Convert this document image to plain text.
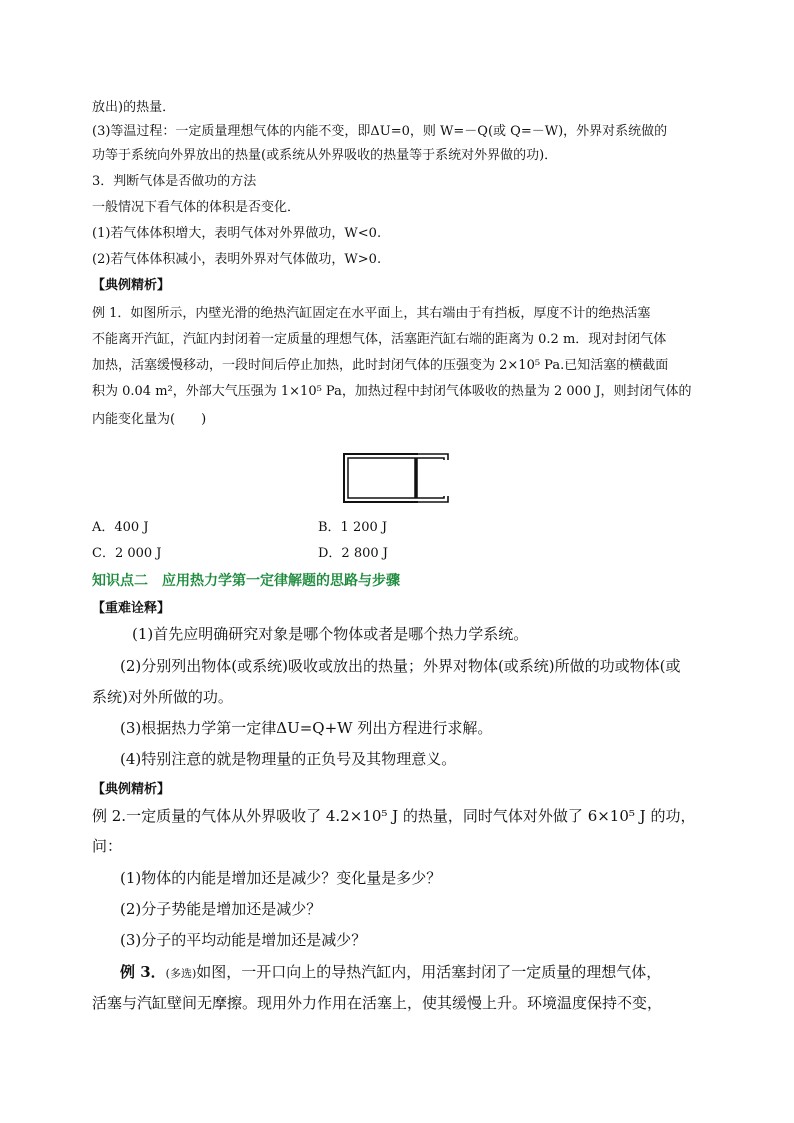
放出)的热量．
(3)等温过程：一定质量理想气体的内能不变，即ΔU=0，则 W=－Q(或 Q=－W)，外界对系统做的
功等于系统向外界放出的热量(或系统从外界吸收的热量等于系统对外界做的功)．
3．判断气体是否做功的方法
一般情况下看气体的体积是否变化．
(1)若气体体积增大，表明气体对外界做功，W<0.
(2)若气体体积减小，表明外界对气体做功，W>0.
【典例精析】
例 1．如图所示，内壁光滑的绝热汽缸固定在水平面上，其右端由于有挡板，厚度不计的绝热活塞
不能离开汽缸，汽缸内封闭着一定质量的理想气体，活塞距汽缸右端的距离为 0.2 m．现对封闭气体
加热，活塞缓慢移动，一段时间后停止加热，此时封闭气体的压强变为 2×10⁵ Pa.已知活塞的横截面
积为 0.04 m²，外部大气压强为 1×10⁵ Pa，加热过程中封闭气体吸收的热量为 2 000 J，则封闭气体的
内能变化量为(　　)
A．400 J	B．1 200 J
C．2 000 J	D．2 800 J
知识点二　应用热力学第一定律解题的思路与步骤
【重难诠释】
(1)首先应明确研究对象是哪个物体或者是哪个热力学系统。
(2)分别列出物体(或系统)吸收或放出的热量；外界对物体(或系统)所做的功或物体(或
系统)对外所做的功。
(3)根据热力学第一定律ΔU=Q+W 列出方程进行求解。
(4)特别注意的就是物理量的正负号及其物理意义。
【典例精析】
例 2.一定质量的气体从外界吸收了 4.2×10⁵ J 的热量，同时气体对外做了 6×10⁵ J 的功，
问：
(1)物体的内能是增加还是减少？变化量是多少？
(2)分子势能是增加还是减少？
(3)分子的平均动能是增加还是减少？
例 3．(多选)如图，一开口向上的导热汽缸内，用活塞封闭了一定质量的理想气体，
活塞与汽缸壁间无摩擦。现用外力作用在活塞上，使其缓慢上升。环境温度保持不变，
